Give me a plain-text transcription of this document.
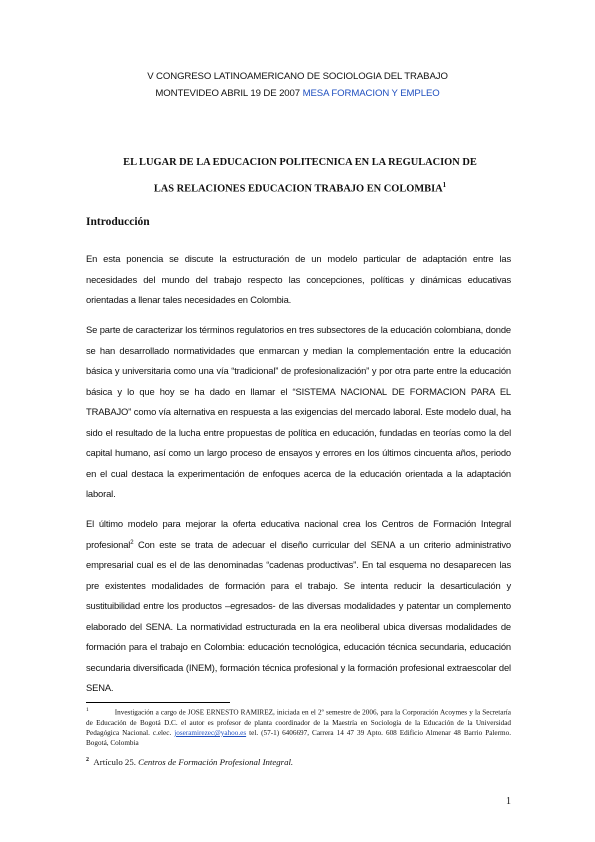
V CONGRESO LATINOAMERICANO DE SOCIOLOGIA DEL TRABAJO
MONTEVIDEO ABRIL 19 DE 2007 MESA FORMACION Y EMPLEO
EL LUGAR DE LA EDUCACION POLITECNICA EN LA REGULACION DE
LAS RELACIONES EDUCACION TRABAJO EN COLOMBIA$^1$
Introducción
En esta ponencia se discute la estructuración de un modelo particular de adaptación entre las necesidades del mundo del trabajo respecto las concepciones, políticas y dinámicas educativas orientadas a llenar tales necesidades en Colombia.
Se parte de caracterizar los términos regulatorios en tres subsectores de la educación colombiana, donde se han desarrollado normatividades que enmarcan y median la complementación entre la educación básica y universitaria como una vía “tradicional” de profesionalización” y por otra parte entre la educación básica y lo que hoy se ha dado en llamar el “SISTEMA NACIONAL DE FORMACION PARA EL TRABAJO” como vía alternativa en respuesta a las exigencias del mercado laboral. Este modelo dual, ha sido el resultado de la lucha entre propuestas de política en educación, fundadas en teorías como la del capital humano, así como un largo proceso de ensayos y errores en los últimos cincuenta años, periodo en el cual destaca la experimentación de enfoques acerca de la educación orientada a la adaptación laboral.
El último modelo para mejorar la oferta educativa nacional crea los Centros de Formación Integral profesional$^2$ Con este se trata de adecuar el diseño curricular del SENA a un criterio administrativo empresarial cual es el de las denominadas “cadenas productivas”. En tal esquema no desaparecen las pre existentes modalidades de formación para el trabajo. Se intenta reducir la desarticulación y sustituibilidad entre los productos –egresados- de las diversas modalidades y patentar un complemento elaborado del SENA. La normatividad estructurada en la era neoliberal ubica diversas modalidades de formación para el trabajo en Colombia: educación tecnológica, educación técnica secundaria, educación secundaria diversificada (INEM), formación técnica profesional y la formación profesional extraescolar del SENA.
$^1$	Investigación a cargo de JOSE ERNESTO RAMIREZ, iniciada en el 2º semestre de 2006, para la Corporación Acoymes y la Secretaría de Educación de Bogotá D.C. el autor es profesor de planta coordinador de la Maestría en Sociología de la Educación de la Universidad Pedagógica Nacional. c.elec. joseramirezec@yahoo.es tel. (57-1) 6406697, Carrera 14 47 39 Apto. 608 Edificio Almenar 48 Barrio Palermo. Bogotá, Colombia
$^2$ Artículo 25. Centros de Formación Profesional Integral.
1
